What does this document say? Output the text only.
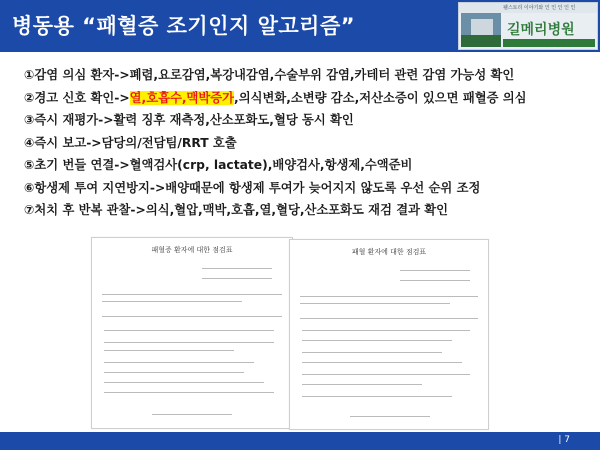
병동용 “패혈증 조기인지 알고리즘”
웰스토리 이야기와 인 인 인 인 인
길메리병원
①감염 의심 환자->폐렴,요로감염,복강내감염,수술부위 감염,카테터 관련 감염 가능성 확인
②경고 신호 확인->열,호흡수,맥박증가,의식변화,소변량 감소,저산소증이 있으면 패혈증 의심
③즉시 재평가->활력 징후 재측정,산소포화도,혈당 동시 확인
④즉시 보고->담당의/전담팀/RRT 호출
⑤초기 번들 연결->혈액검사(crp, lactate),배양검사,항생제,수액준비
⑥항생제 투여 지연방지->배양때문에 항생제 투여가 늦어지지 않도록 우선 순위 조정
⑦처치 후 반복 관찰->의식,혈압,맥박,호흡,열,혈당,산소포화도 재검 결과 확인
패혈증 환자에 대한 점검표	패혈 환자에 대한 점검표
| 7
